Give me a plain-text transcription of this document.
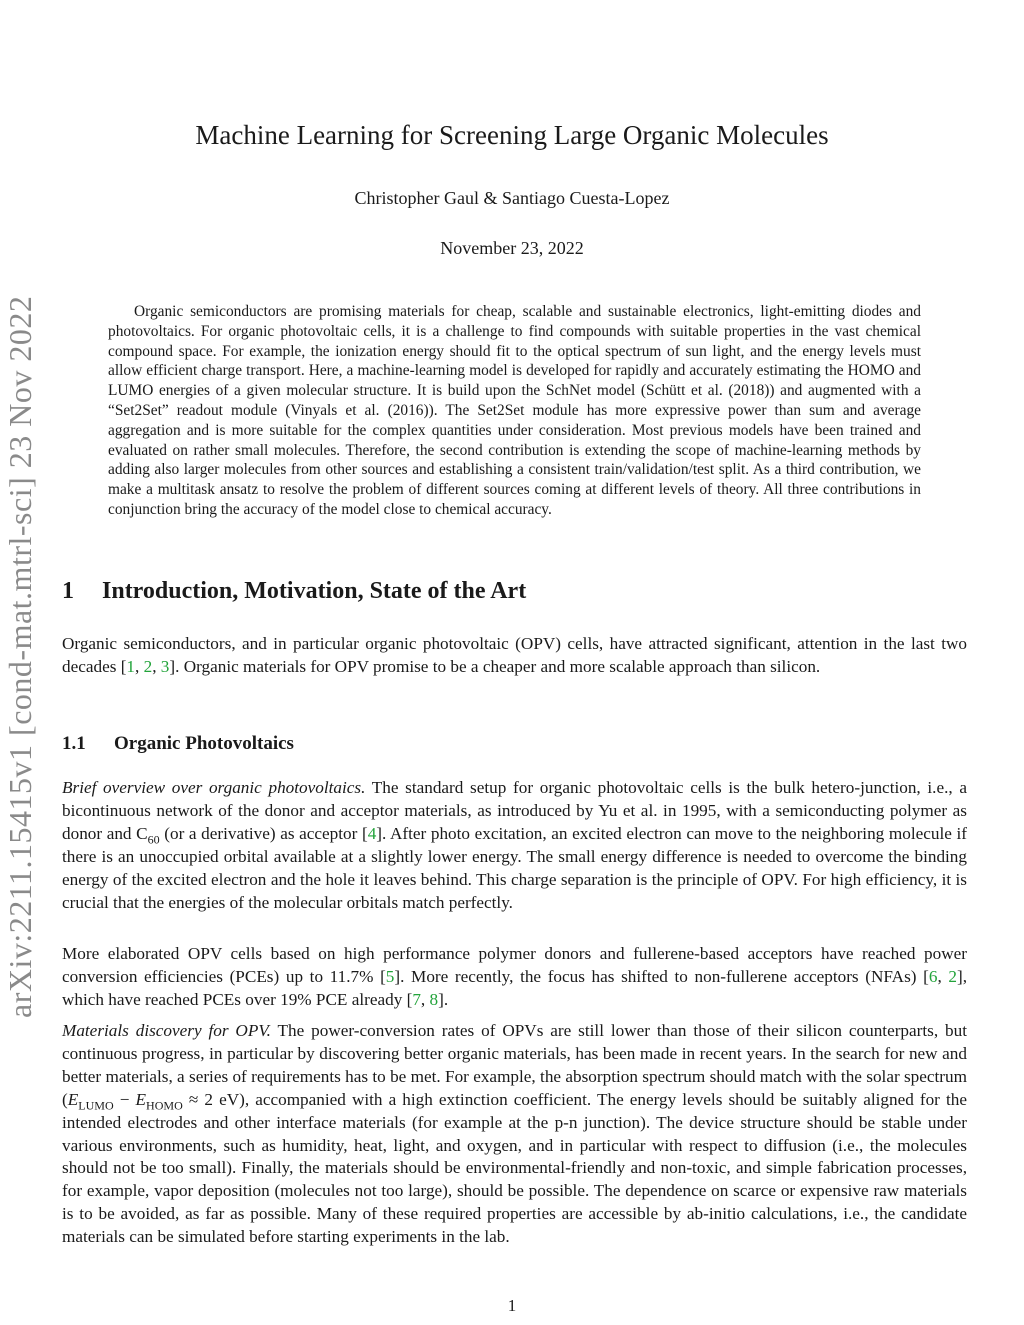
arXiv:2211.15415v1 [cond-mat.mtrl-sci] 23 Nov 2022
Machine Learning for Screening Large Organic Molecules
Christopher Gaul & Santiago Cuesta-Lopez
November 23, 2022
Organic semiconductors are promising materials for cheap, scalable and sustainable electronics, light-emitting diodes and photovoltaics. For organic photovoltaic cells, it is a challenge to find compounds with suitable properties in the vast chemical compound space. For example, the ionization energy should fit to the optical spectrum of sun light, and the energy levels must allow efficient charge transport. Here, a machine-learning model is developed for rapidly and accurately estimating the HOMO and LUMO energies of a given molecular structure. It is build upon the SchNet model (Schütt et al. (2018)) and augmented with a “Set2Set” readout module (Vinyals et al. (2016)). The Set2Set module has more expressive power than sum and average aggregation and is more suitable for the complex quantities under consideration. Most previous models have been trained and evaluated on rather small molecules. Therefore, the second contribution is extending the scope of machine-learning methods by adding also larger molecules from other sources and establishing a consistent train/validation/test split. As a third contribution, we make a multitask ansatz to resolve the problem of different sources coming at different levels of theory. All three contributions in conjunction bring the accuracy of the model close to chemical accuracy.
1 Introduction, Motivation, State of the Art
Organic semiconductors, and in particular organic photovoltaic (OPV) cells, have attracted significant, attention in the last two decades [1, 2, 3]. Organic materials for OPV promise to be a cheaper and more scalable approach than silicon.
1.1 Organic Photovoltaics
Brief overview over organic photovoltaics. The standard setup for organic photovoltaic cells is the bulk hetero-junction, i.e., a bicontinuous network of the donor and acceptor materials, as introduced by Yu et al. in 1995, with a semiconducting polymer as donor and $C_{60}$ (or a derivative) as acceptor [4]. After photo excitation, an excited electron can move to the neighboring molecule if there is an unoccupied orbital available at a slightly lower energy. The small energy difference is needed to overcome the binding energy of the excited electron and the hole it leaves behind. This charge separation is the principle of OPV. For high efficiency, it is crucial that the energies of the molecular orbitals match perfectly.
More elaborated OPV cells based on high performance polymer donors and fullerene-based acceptors have reached power conversion efficiencies (PCEs) up to 11.7% [5]. More recently, the focus has shifted to non-fullerene acceptors (NFAs) [6, 2], which have reached PCEs over 19% PCE already [7, 8].
Materials discovery for OPV. The power-conversion rates of OPVs are still lower than those of their silicon counterparts, but continuous progress, in particular by discovering better organic materials, has been made in recent years. In the search for new and better materials, a series of requirements has to be met. For example, the absorption spectrum should match with the solar spectrum ($E_{LUMO} - E_{HOMO} \approx 2$ eV), accompanied with a high extinction coefficient. The energy levels should be suitably aligned for the intended electrodes and other interface materials (for example at the p-n junction). The device structure should be stable under various environments, such as humidity, heat, light, and oxygen, and in particular with respect to diffusion (i.e., the molecules should not be too small). Finally, the materials should be environmental-friendly and non-toxic, and simple fabrication processes, for example, vapor deposition (molecules not too large), should be possible. The dependence on scarce or expensive raw materials is to be avoided, as far as possible. Many of these required properties are accessible by ab-initio calculations, i.e., the candidate materials can be simulated before starting experiments in the lab.
1
